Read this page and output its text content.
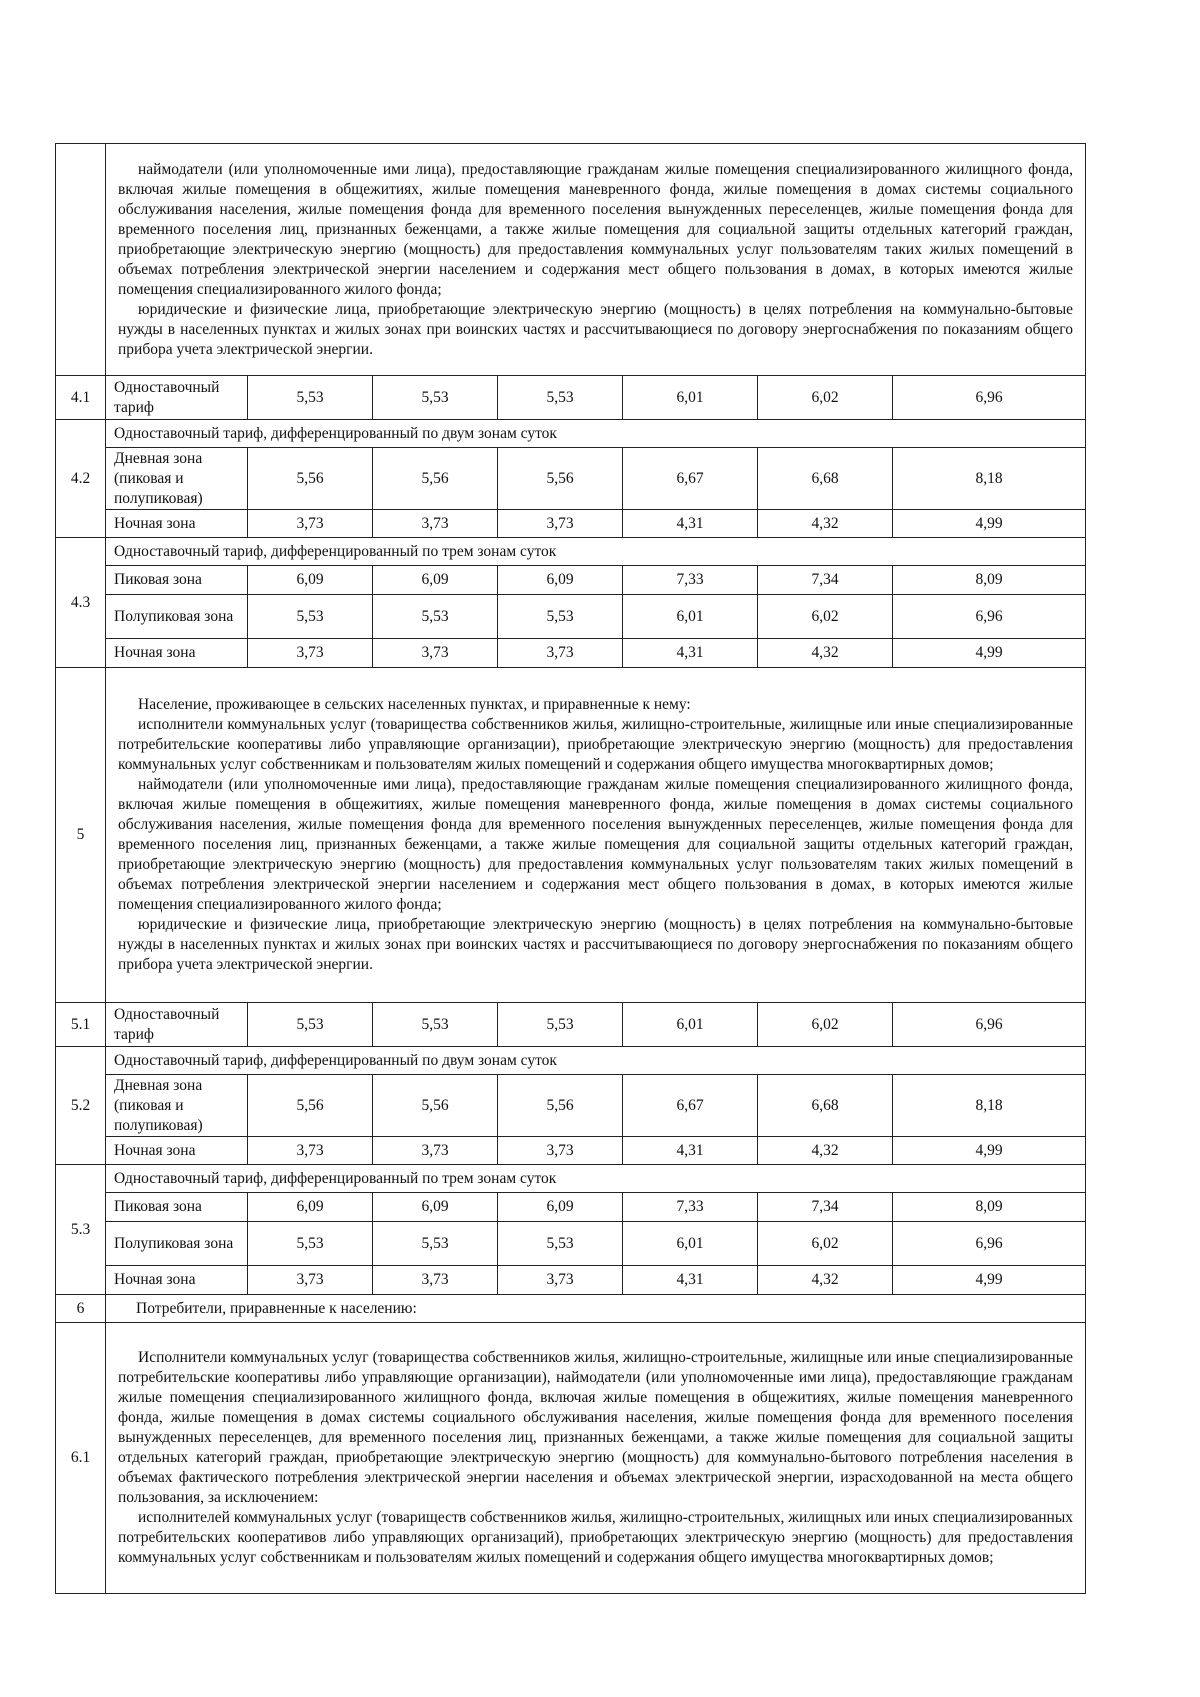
	наймодатели (или уполномоченные ими лица), предоставляющие гражданам жилые помещения специализированного жилищного фонда, включая жилые помещения в общежитиях, жилые помещения маневренного фонда, жилые помещения в домах системы социального обслуживания населения, жилые помещения фонда для временного поселения вынужденных переселенцев, жилые помещения фонда для временного поселения лиц, признанных беженцами, а также жилые помещения для социальной защиты отдельных категорий граждан, приобретающие электрическую энергию (мощность) для предоставления коммунальных услуг пользователям таких жилых помещений в объемах потребления электрической энергии населением и содержания мест общего пользования в домах, в которых имеются жилые помещения специализированного жилого фонда;

юридические и физические лица, приобретающие электрическую энергию (мощность) в целях потребления на коммунально-бытовые нужды в населенных пунктах и жилых зонах при воинских частях и рассчитывающиеся по договору энергоснабжения по показаниям общего прибора учета электрической энергии.						

4.1	Одноставочный тариф	5,53	5,53	5,53	6,01	6,02	6,96
4.2	Одноставочный тариф, дифференцированный по двум зонам суток						
	Дневная зона (пиковая и полупиковая)	5,56	5,56	5,56	6,67	6,68	8,18
	Ночная зона	3,73	3,73	3,73	4,31	4,32	4,99
4.3	Одноставочный тариф, дифференцированный по трем зонам суток						
	Пиковая зона	6,09	6,09	6,09	7,33	7,34	8,09
	Полупиковая зона	5,53	5,53	5,53	6,01	6,02	6,96
	Ночная зона	3,73	3,73	3,73	4,31	4,32	4,99
5	Население, проживающее в сельских населенных пунктах, и приравненные к нему:

исполнители коммунальных услуг (товарищества собственников жилья, жилищно-строительные, жилищные или иные специализированные потребительские кооперативы либо управляющие организации), приобретающие электрическую энергию (мощность) для предоставления коммунальных услуг собственникам и пользователям жилых помещений и содержания общего имущества многоквартирных домов;

наймодатели (или уполномоченные ими лица), предоставляющие гражданам жилые помещения специализированного жилищного фонда, включая жилые помещения в общежитиях, жилые помещения маневренного фонда, жилые помещения в домах системы социального обслуживания населения, жилые помещения фонда для временного поселения вынужденных переселенцев, жилые помещения фонда для временного поселения лиц, признанных беженцами, а также жилые помещения для социальной защиты отдельных категорий граждан, приобретающие электрическую энергию (мощность) для предоставления коммунальных услуг пользователям таких жилых помещений в объемах потребления электрической энергии населением и содержания мест общего пользования в домах, в которых имеются жилые помещения специализированного жилого фонда;

юридические и физические лица, приобретающие электрическую энергию (мощность) в целях потребления на коммунально-бытовые нужды в населенных пунктах и жилых зонах при воинских частях и рассчитывающиеся по договору энергоснабжения по показаниям общего прибора учета электрической энергии.						

5.1	Одноставочный тариф	5,53	5,53	5,53	6,01	6,02	6,96
5.2	Одноставочный тариф, дифференцированный по двум зонам суток						
	Дневная зона (пиковая и полупиковая)	5,56	5,56	5,56	6,67	6,68	8,18
	Ночная зона	3,73	3,73	3,73	4,31	4,32	4,99
5.3	Одноставочный тариф, дифференцированный по трем зонам суток						
	Пиковая зона	6,09	6,09	6,09	7,33	7,34	8,09
	Полупиковая зона	5,53	5,53	5,53	6,01	6,02	6,96
	Ночная зона	3,73	3,73	3,73	4,31	4,32	4,99
6	Потребители, приравненные к населению:						
6.1	Исполнители коммунальных услуг (товарищества собственников жилья, жилищно-строительные, жилищные или иные специализированные потребительские кооперативы либо управляющие организации), наймодатели (или уполномоченные ими лица), предоставляющие гражданам жилые помещения специализированного жилищного фонда, включая жилые помещения в общежитиях, жилые помещения маневренного фонда, жилые помещения в домах системы социального обслуживания населения, жилые помещения фонда для временного поселения вынужденных переселенцев, для временного поселения лиц, признанных беженцами, а также жилые помещения для социальной защиты отдельных категорий граждан, приобретающие электрическую энергию (мощность) для коммунально-бытового потребления населения в объемах фактического потребления электрической энергии населения и объемах электрической энергии, израсходованной на места общего пользования, за исключением:

исполнителей коммунальных услуг (товариществ собственников жилья, жилищно-строительных, жилищных или иных специализированных потребительских кооперативов либо управляющих организаций), приобретающих электрическую энергию (мощность) для предоставления коммунальных услуг собственникам и пользователям жилых помещений и содержания общего имущества многоквартирных домов;						
